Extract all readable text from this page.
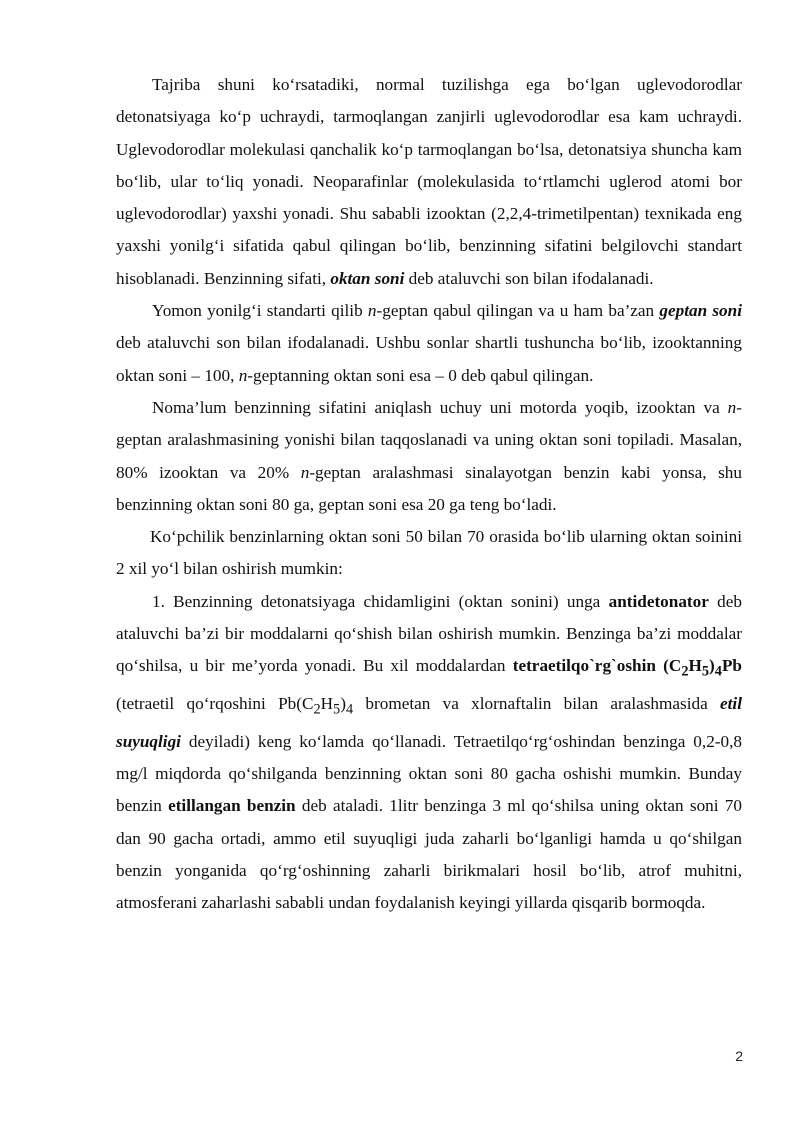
Tajriba shuni ko‘rsatadiki, normal tuzilishga ega bo‘lgan uglevodorodlar detonatsiyaga ko‘p uchraydi, tarmoqlangan zanjirli uglevodorodlar esa kam uchraydi. Uglevodorodlar molekulasi qanchalik ko‘p tarmoqlangan bo‘lsa, detonatsiya shuncha kam bo‘lib, ular to‘liq yonadi. Neoparafinlar (molekulasida to‘rtlamchi uglerod atomi bor uglevodorodlar) yaxshi yonadi. Shu sababli izooktan (2,2,4-trimetilpentan) texnikada eng yaxshi yonilg‘i sifatida qabul qilingan bo‘lib, benzinning sifatini belgilovchi standart hisoblanadi. Benzinning sifati, oktan soni deb ataluvchi son bilan ifodalanadi.

Yomon yonilg‘i standarti qilib n-geptan qabul qilingan va u ham ba’zan geptan soni deb ataluvchi son bilan ifodalanadi. Ushbu sonlar shartli tushuncha bo‘lib, izooktanning oktan soni – 100, n-geptanning oktan soni esa – 0 deb qabul qilingan.

Noma’lum benzinning sifatini aniqlash uchuy uni motorda yoqib, izooktan va n-geptan aralashmasining yonishi bilan taqqoslanadi va uning oktan soni topiladi. Masalan, 80% izooktan va 20% n-geptan aralashmasi sinalayotgan benzin kabi yonsa, shu benzinning oktan soni 80 ga, geptan soni esa 20 ga teng bo‘ladi.

Ko‘pchilik benzinlarning oktan soni 50 bilan 70 orasida bo‘lib ularning oktan soinini 2 xil yo‘l bilan oshirish mumkin:

1. Benzinning detonatsiyaga chidamligini (oktan sonini) unga antidetonator deb ataluvchi ba’zi bir moddalarni qo‘shish bilan oshirish mumkin. Benzinga ba’zi moddalar qo‘shilsa, u bir me’yorda yonadi. Bu xil moddalardan tetraetilqo`rg`oshin $(C_2H_5)_4Pb$ (tetraetil qo‘rqoshini $Pb(C_2H_5)_4$ brometan va xlornaftalin bilan aralashmasida etil suyuqligi deyiladi) keng ko‘lamda qo‘llanadi. Tetraetilqo‘rg‘oshindan benzinga 0,2-0,8 mg/l miqdorda qo‘shilganda benzinning oktan soni 80 gacha oshishi mumkin. Bunday benzin etillangan benzin deb ataladi. 1litr benzinga 3 ml qo‘shilsa uning oktan soni 70 dan 90 gacha ortadi, ammo etil suyuqligi juda zaharli bo‘lganligi hamda u qo‘shilgan benzin yonganida qo‘rg‘oshinning zaharli birikmalari hosil bo‘lib, atrof muhitni, atmosferani zaharlashi sababli undan foydalanish keyingi yillarda qisqarib bormoqda.

2
